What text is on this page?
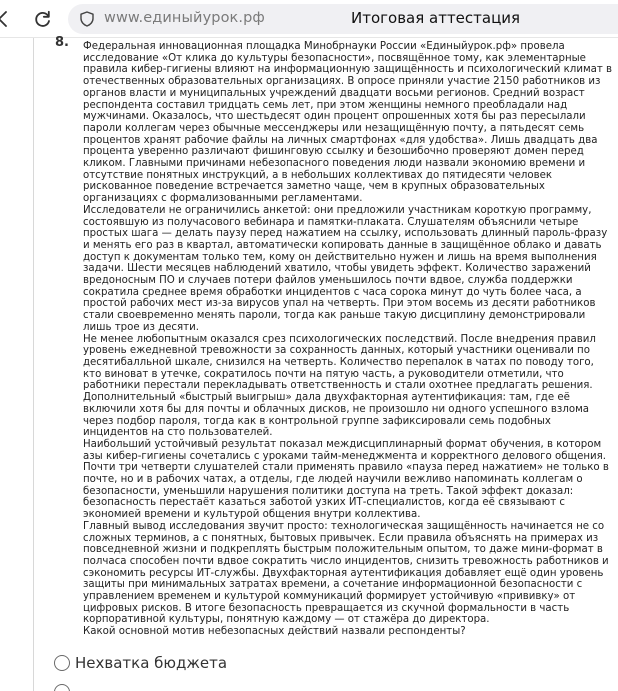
www.единыйурок.рф	Итоговая аттестация
8. Федеральная инновационная площадка Минобрнауки России «Единыйурок.рф» провела исследование «От клика до культуры безопасности», посвящённое тому, как элементарные правила кибер-гигиены влияют на информационную защищённость и психологический климат в отечественных образовательных организациях. В опросе приняли участие 2150 работников из органов власти и муниципальных учреждений двадцати восьми регионов. Средний возраст респондента составил тридцать семь лет, при этом женщины немного преобладали над мужчинами. Оказалось, что шестьдесят один процент опрошенных хотя бы раз пересылали пароли коллегам через обычные мессенджеры или незащищённую почту, а пятьдесят семь процентов хранят рабочие файлы на личных смартфонах «для удобства». Лишь двадцать два процента уверенно различают фишинговую ссылку и безошибочно проверяют домен перед кликом. Главными причинами небезопасного поведения люди назвали экономию времени и отсутствие понятных инструкций, а в небольших коллективах до пятидесяти человек рискованное поведение встречается заметно чаще, чем в крупных образовательных организациях с формализованными регламентами.

Исследователи не ограничились анкетой: они предложили участникам короткую программу, состоявшую из получасового вебинара и памятки-плаката. Слушателям объяснили четыре простых шага — делать паузу перед нажатием на ссылку, использовать длинный пароль-фразу и менять его раз в квартал, автоматически копировать данные в защищённое облако и давать доступ к документам только тем, кому он действительно нужен и лишь на время выполнения задачи. Шести месяцев наблюдений хватило, чтобы увидеть эффект. Количество заражений вредоносным ПО и случаев потери файлов уменьшилось почти вдвое, служба поддержки сократила среднее время обработки инцидентов с часа сорока минут до чуть более часа, а простой рабочих мест из-за вирусов упал на четверть. При этом восемь из десяти работников стали своевременно менять пароли, тогда как раньше такую дисциплину демонстрировали лишь трое из десяти.

Не менее любопытным оказался срез психологических последствий. После внедрения правил уровень ежедневной тревожности за сохранность данных, который участники оценивали по десятибалльной шкале, снизился на четверть. Количество перепалок в чатах по поводу того, кто виноват в утечке, сократилось почти на пятую часть, а руководители отметили, что работники перестали перекладывать ответственность и стали охотнее предлагать решения. Дополнительный «быстрый выигрыш» дала двухфакторная аутентификация: там, где её включили хотя бы для почты и облачных дисков, не произошло ни одного успешного взлома через подбор пароля, тогда как в контрольной группе зафиксировали семь подобных инцидентов на сто пользователей.

Наибольший устойчивый результат показал междисциплинарный формат обучения, в котором азы кибер-гигиены сочетались с уроками тайм-менеджмента и корректного делового общения. Почти три четверти слушателей стали применять правило «пауза перед нажатием» не только в почте, но и в рабочих чатах, а отделы, где людей научили вежливо напоминать коллегам о безопасности, уменьшили нарушения политики доступа на треть. Такой эффект доказал: безопасность перестаёт казаться заботой узких ИТ-специалистов, когда её связывают с экономией времени и культурой общения внутри коллектива.

Главный вывод исследования звучит просто: технологическая защищённость начинается не со сложных терминов, а с понятных, бытовых привычек. Если правила объяснять на примерах из повседневной жизни и подкреплять быстрым положительным опытом, то даже мини-формат в полчаса способен почти вдвое сократить число инцидентов, снизить тревожность работников и сэкономить ресурсы ИТ-службы. Двухфакторная аутентификация добавляет ещё один уровень защиты при минимальных затратах времени, а сочетание информационной безопасности с управлением временем и культурой коммуникаций формирует устойчивую «прививку» от цифровых рисков. В итоге безопасность превращается из скучной формальности в часть корпоративной культуры, понятную каждому — от стажёра до директора.

Какой основной мотив небезопасных действий назвали респонденты?

Нехватка бюджета
